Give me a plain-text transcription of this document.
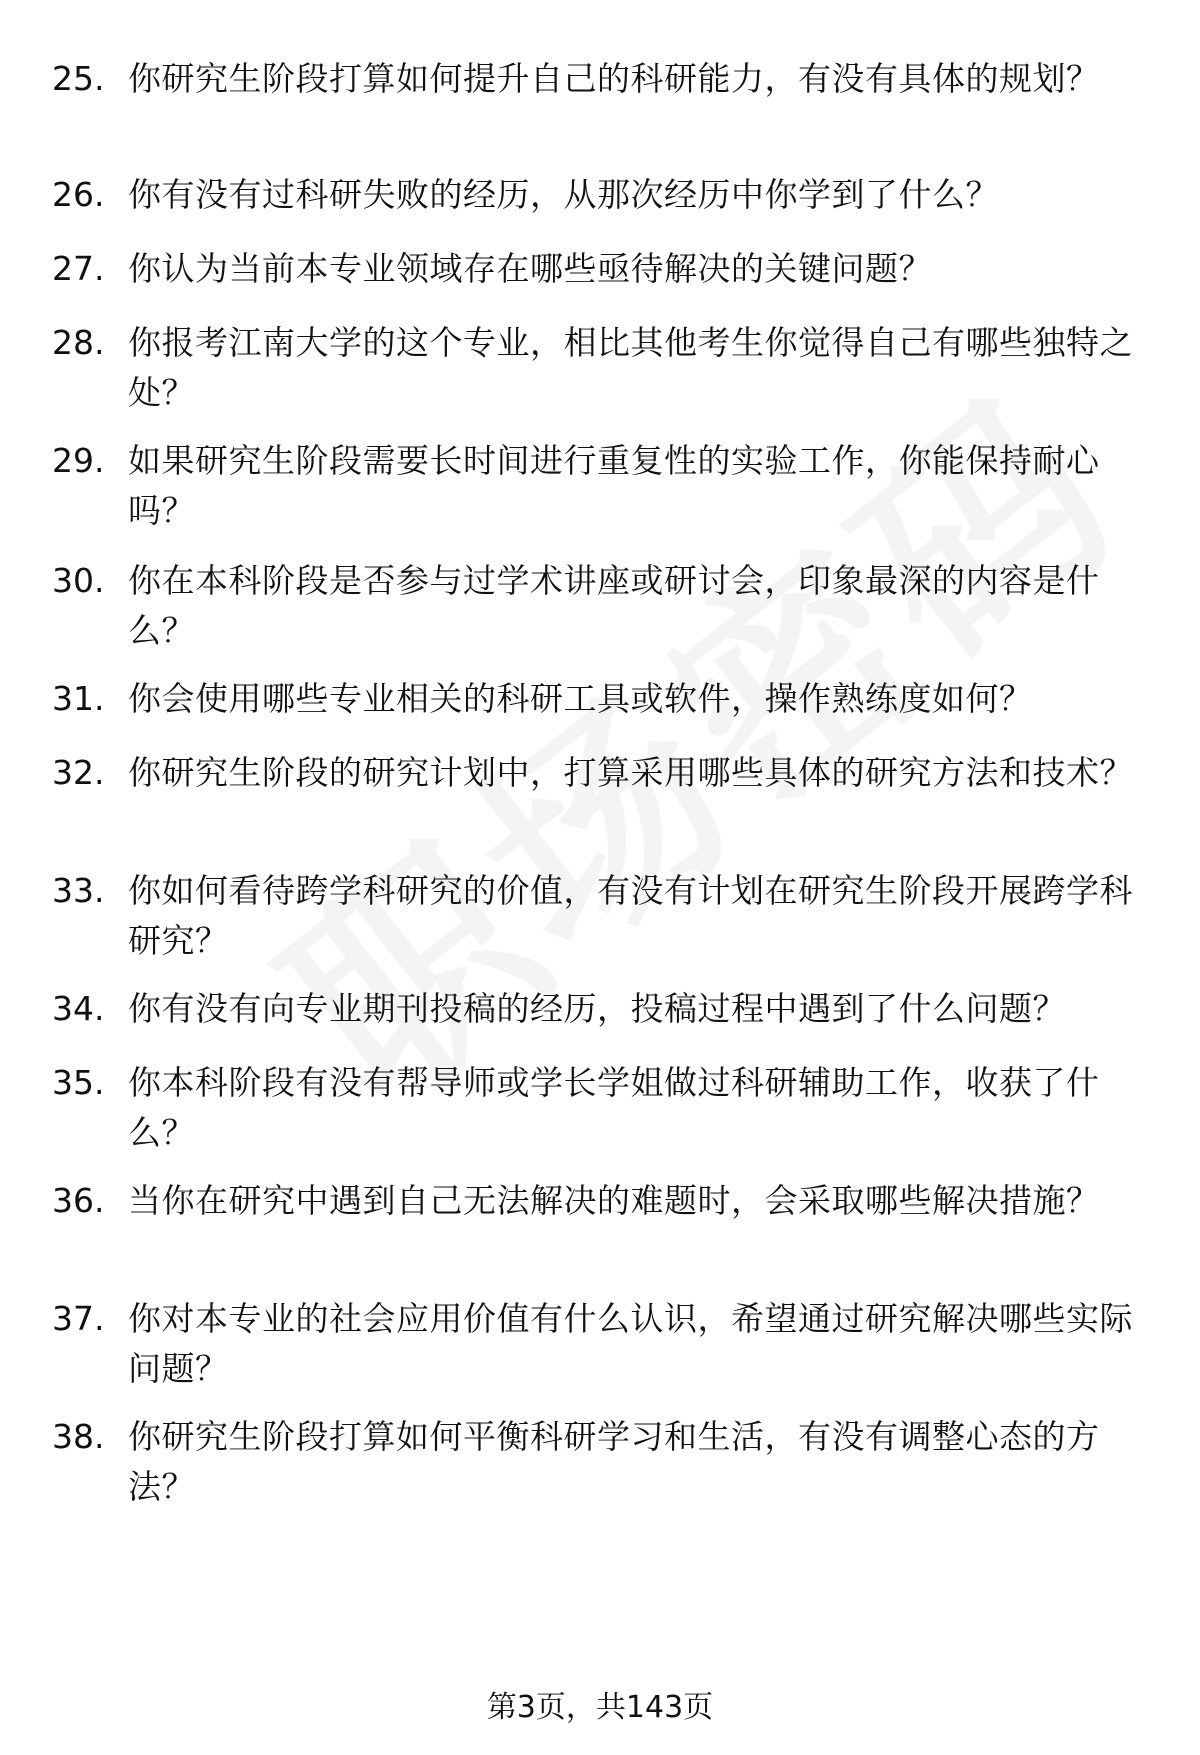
25. 你研究生阶段打算如何提升自己的科研能力，有没有具体的规划？
26. 你有没有过科研失败的经历，从那次经历中你学到了什么？
27. 你认为当前本专业领域存在哪些亟待解决的关键问题？
28. 你报考江南大学的这个专业，相比其他考生你觉得自己有哪些独特之处？
29. 如果研究生阶段需要长时间进行重复性的实验工作，你能保持耐心吗？
30. 你在本科阶段是否参与过学术讲座或研讨会，印象最深的内容是什么？
31. 你会使用哪些专业相关的科研工具或软件，操作熟练度如何？
32. 你研究生阶段的研究计划中，打算采用哪些具体的研究方法和技术？
33. 你如何看待跨学科研究的价值，有没有计划在研究生阶段开展跨学科研究？
34. 你有没有向专业期刊投稿的经历，投稿过程中遇到了什么问题？
35. 你本科阶段有没有帮导师或学长学姐做过科研辅助工作，收获了什么？
36. 当你在研究中遇到自己无法解决的难题时，会采取哪些解决措施？
37. 你对本专业的社会应用价值有什么认识，希望通过研究解决哪些实际问题？
38. 你研究生阶段打算如何平衡科研学习和生活，有没有调整心态的方法？
第3页，共143页
